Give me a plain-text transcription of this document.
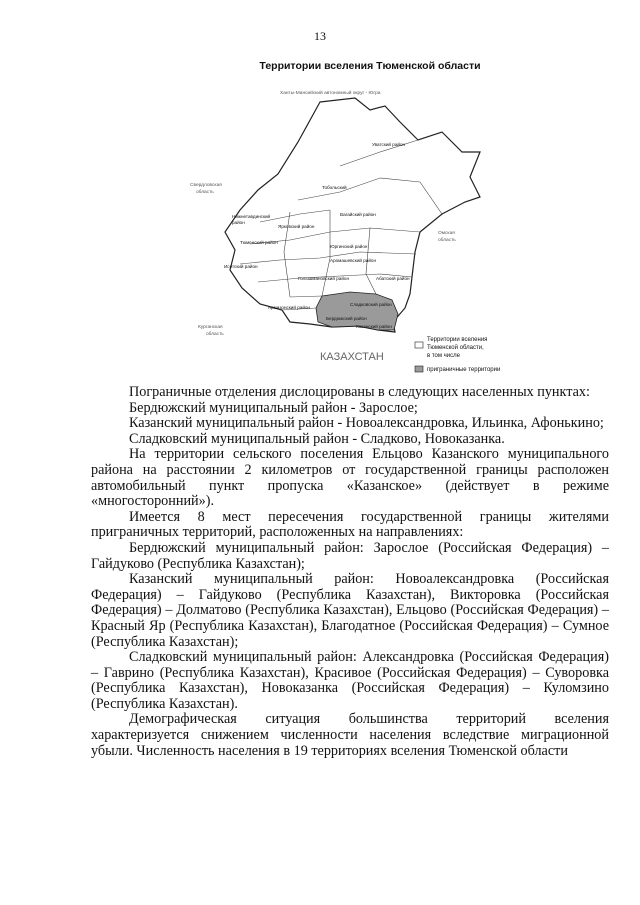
13
Территории вселения Тюменской области
Уватский район
Тобольский
Вагайский район
Нижнетавдинский
район
Ярковский район
Тюменский район
Юргинский район
Аромашевский район
Исетский район
Голышмановский район	Абатский район
Армизонский район
Бердюжский район
Сладковский район
Казанский район
Ханты-Мансийский автономный округ - Югра
Свердловская
область
Омская
область
Курганская
область
КАЗАХСТАН
Территории вселения
Тюменской области,
в том числе
приграничные территории

Пограничные отделения дислоцированы в следующих населенных пунктах:

Бердюжский муниципальный район - Зарослое;

Казанский муниципальный район - Новоалександровка, Ильинка, Афонькино;

Сладковский муниципальный район - Сладково, Новоказанка.

На территории сельского поселения Ельцово Казанского муниципального района на расстоянии 2 километров от государственной границы расположен автомобильный пункт пропуска «Казанское» (действует в режиме «многосторонний»).

Имеется 8 мест пересечения государственной границы жителями приграничных территорий, расположенных на направлениях:

Бердюжский муниципальный район: Зарослое (Российская Федерация) – Гайдуково (Республика Казахстан);

Казанский муниципальный район: Новоалександровка (Российская Федерация) – Гайдуково (Республика Казахстан), Викторовка (Российская Федерация) – Долматово (Республика Казахстан), Ельцово (Российская Федерация) – Красный Яр (Республика Казахстан), Благодатное (Российская Федерация) – Сумное (Республика Казахстан);

Сладковский муниципальный район: Александровка (Российская Федерация) – Гаврино (Республика Казахстан), Красивое (Российская Федерация) – Суворовка (Республика Казахстан), Новоказанка (Российская Федерация) – Куломзино (Республика Казахстан).

Демографическая ситуация большинства территорий вселения характеризуется снижением численности населения вследствие миграционной убыли. Численность населения в 19 территориях вселения Тюменской области
